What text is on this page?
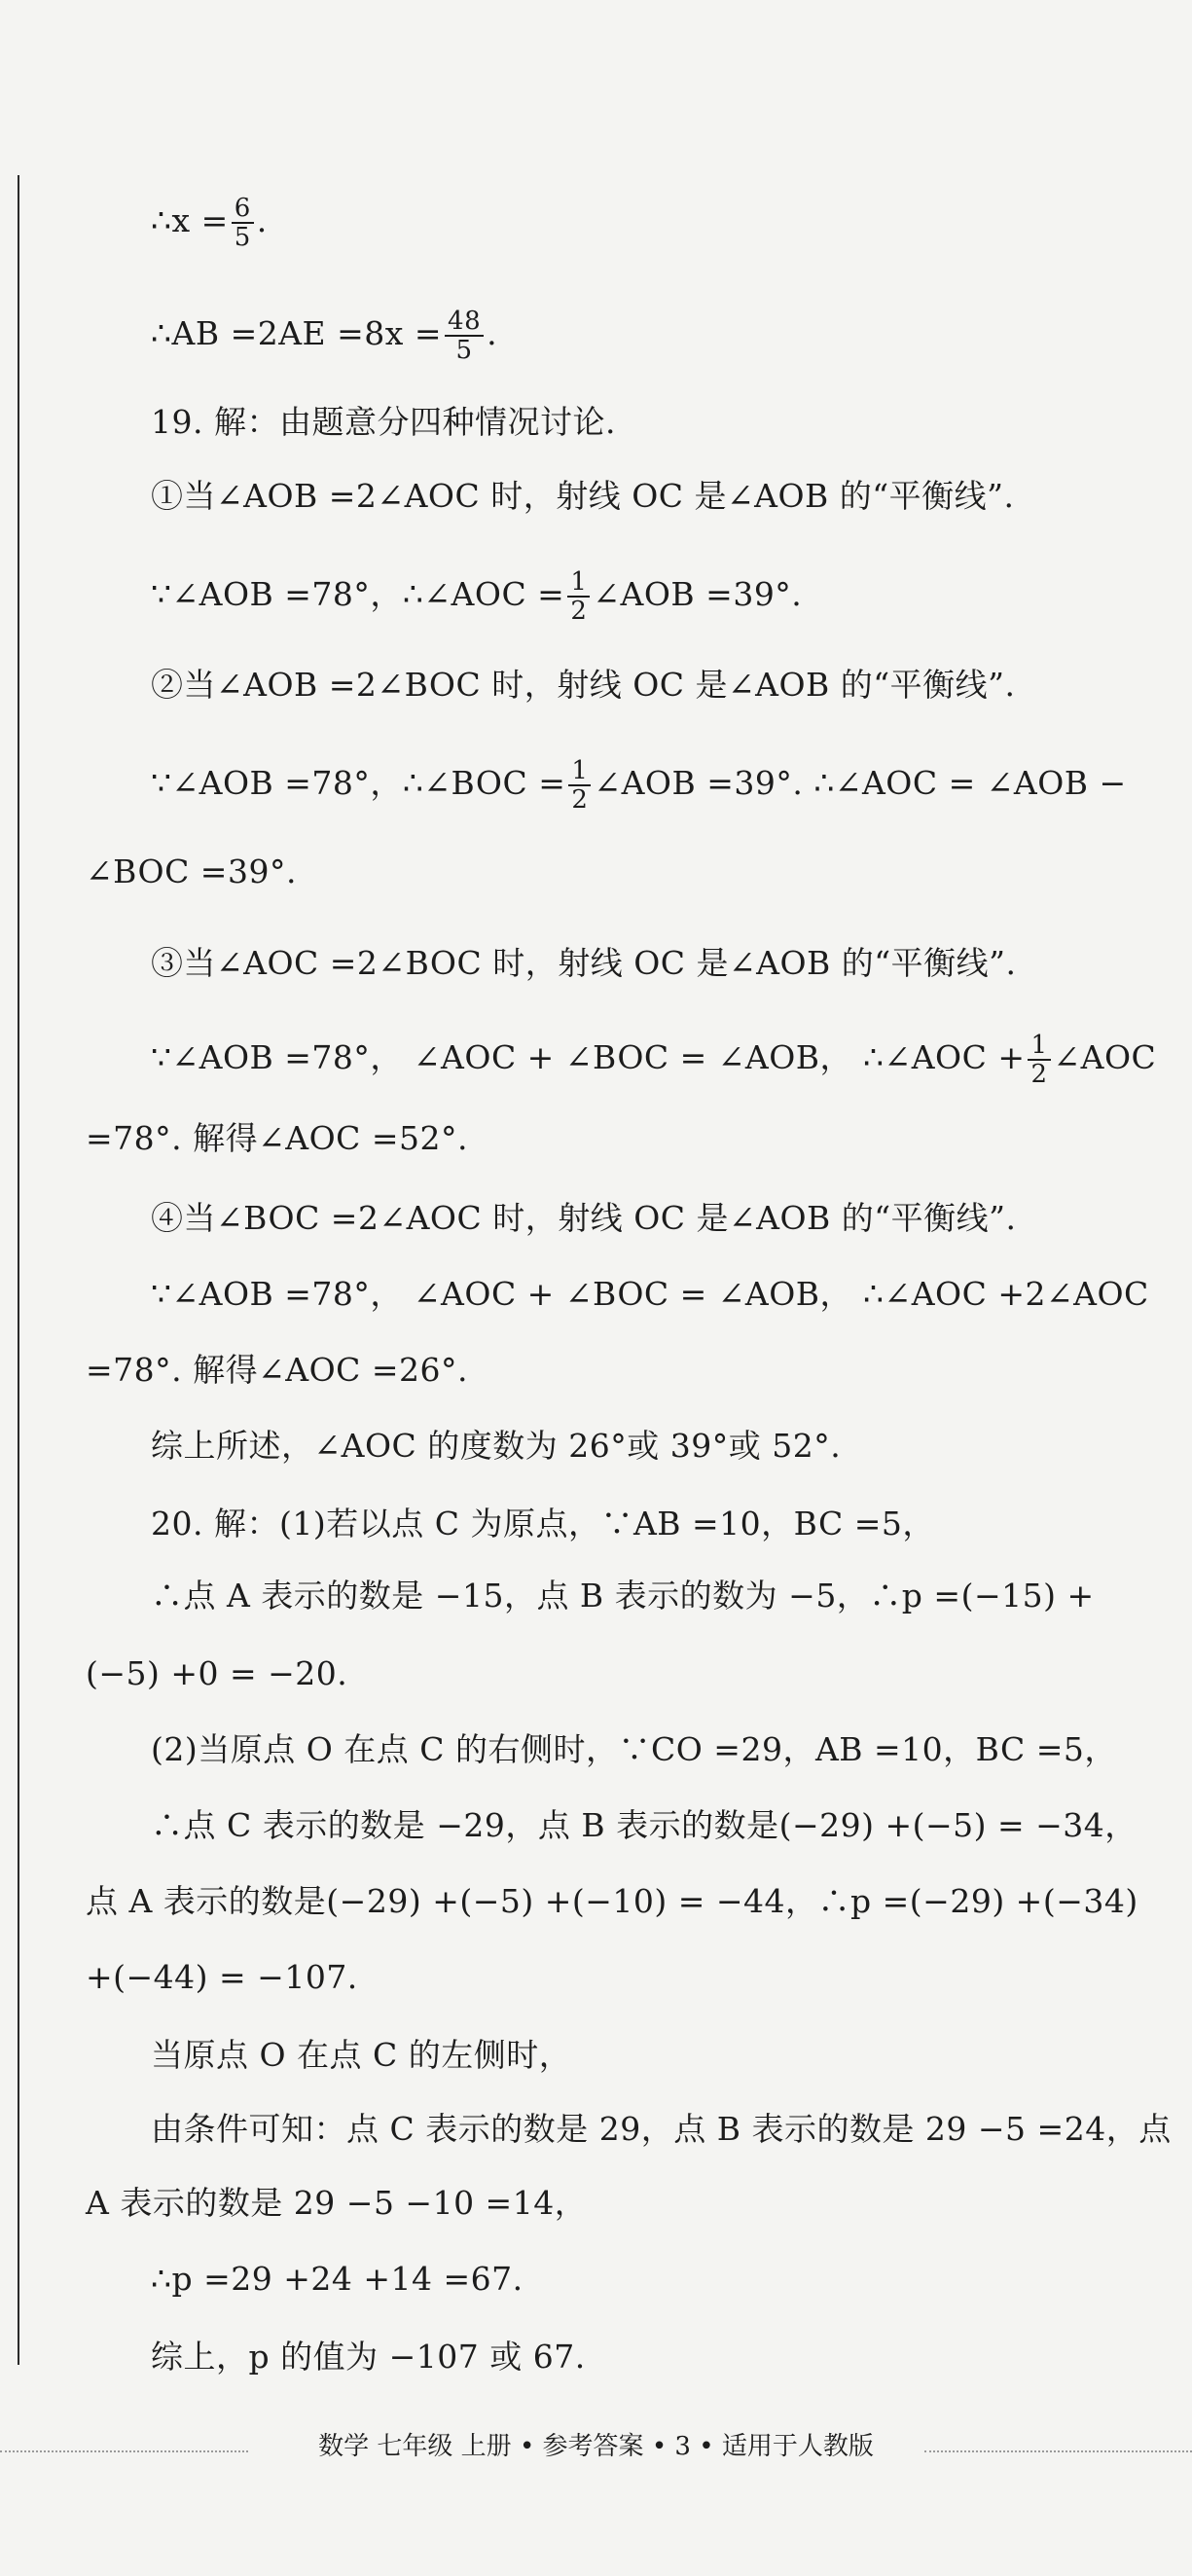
∴x = $\frac{6}{5}$ .
∴AB $=2AE =8x = \frac{48}{5}$ .
19. 解：由题意分四种情况讨论.
①当∠AOB =2∠AOC 时，射线 OC 是∠AOB 的“平衡线”.
∵∠AOB =78°，∴∠AOC = $\frac{1}{2}$ ∠AOB =39°.
②当∠AOB =2∠BOC 时，射线 OC 是∠AOB 的“平衡线”.
∵∠AOB =78°，∴∠BOC = $\frac{1}{2}$ ∠AOB =39°. ∴∠AOC = ∠AOB −
∠BOC =39°.
③当∠AOC =2∠BOC 时，射线 OC 是∠AOB 的“平衡线”.
∵∠AOB =78°， ∠AOC + ∠BOC = ∠AOB， ∴∠AOC + $\frac{1}{2}$ ∠AOC
=78°. 解得∠AOC =52°.
④当∠BOC =2∠AOC 时，射线 OC 是∠AOB 的“平衡线”.
∵∠AOB =78°， ∠AOC + ∠BOC = ∠AOB， ∴∠AOC +2∠AOC
=78°. 解得∠AOC =26°.
综上所述，∠AOC 的度数为 26°或 39°或 52°.
20. 解：(1)若以点 C 为原点，∵AB =10，BC =5，
∴点 A 表示的数是 −15，点 B 表示的数为 −5，∴p =(−15) +
(−5) +0 = −20.
(2)当原点 O 在点 C 的右侧时，∵CO =29，AB =10，BC =5，
∴点 C 表示的数是 −29，点 B 表示的数是(−29) +(−5) = −34，
点 A 表示的数是(−29) +(−5) +(−10) = −44，∴p =(−29) +(−34)
+(−44) = −107.
当原点 O 在点 C 的左侧时，
由条件可知：点 C 表示的数是 29，点 B 表示的数是 29 −5 =24，点
A 表示的数是 29 −5 −10 =14，
∴p =29 +24 +14 =67.
综上，p 的值为 −107 或 67.
数学 七年级 上册 • 参考答案 • 3 • 适用于人教版
